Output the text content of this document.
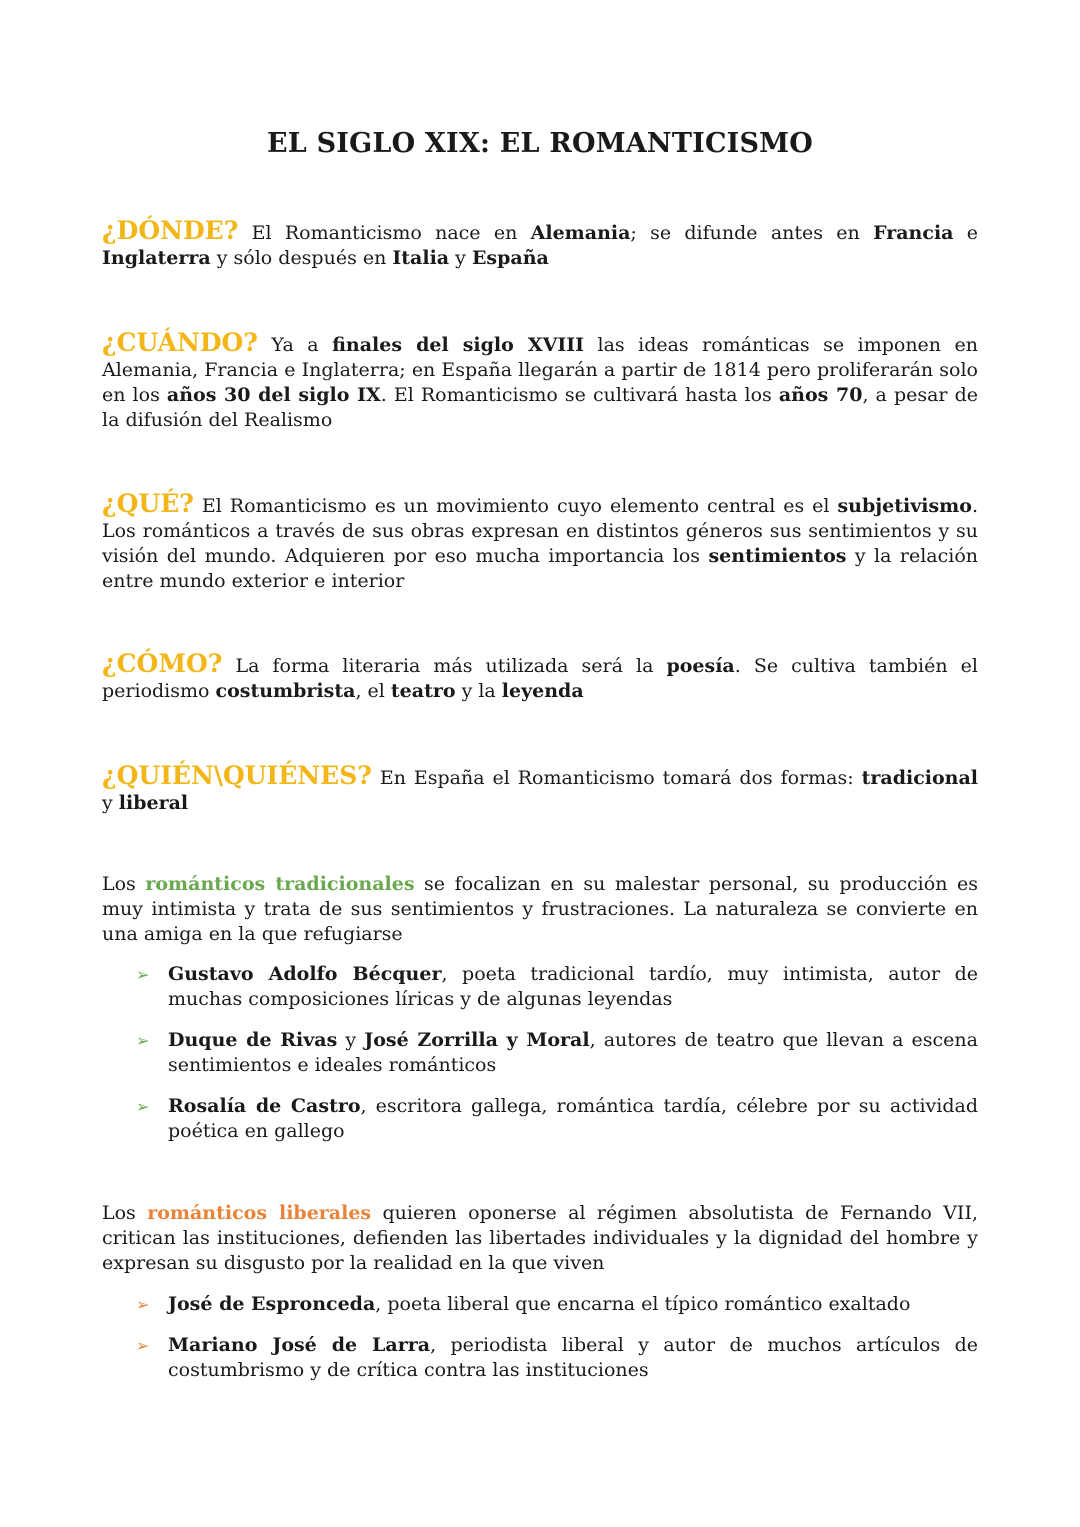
EL SIGLO XIX: EL ROMANTICISMO

¿DÓNDE? El Romanticismo nace en Alemania; se difunde antes en Francia e Inglaterra y sólo después en Italia y España

¿CUÁNDO? Ya a finales del siglo XVIII las ideas románticas se imponen en Alemania, Francia e Inglaterra; en España llegarán a partir de 1814 pero proliferarán solo en los años 30 del siglo IX. El Romanticismo se cultivará hasta los años 70, a pesar de la difusión del Realismo

¿QUÉ? El Romanticismo es un movimiento cuyo elemento central es el subjetivismo. Los románticos a través de sus obras expresan en distintos géneros sus sentimientos y su visión del mundo. Adquieren por eso mucha importancia los sentimientos y la relación entre mundo exterior e interior

¿CÓMO? La forma literaria más utilizada será la poesía. Se cultiva también el periodismo costumbrista, el teatro y la leyenda

¿QUIÉN\QUIÉNES? En España el Romanticismo tomará dos formas: tradicional y liberal

Los románticos tradicionales se focalizan en su malestar personal, su producción es muy intimista y trata de sus sentimientos y frustraciones. La naturaleza se convierte en una amiga en la que refugiarse

➢ Gustavo Adolfo Bécquer, poeta tradicional tardío, muy intimista, autor de muchas composiciones líricas y de algunas leyendas
➢ Duque de Rivas y José Zorrilla y Moral, autores de teatro que llevan a escena sentimientos e ideales románticos
➢ Rosalía de Castro, escritora gallega, romántica tardía, célebre por su actividad poética en gallego

Los románticos liberales quieren oponerse al régimen absolutista de Fernando VII, critican las instituciones, defienden las libertades individuales y la dignidad del hombre y expresan su disgusto por la realidad en la que viven

➢ José de Espronceda, poeta liberal que encarna el típico romántico exaltado
➢ Mariano José de Larra, periodista liberal y autor de muchos artículos de costumbrismo y de crítica contra las instituciones
